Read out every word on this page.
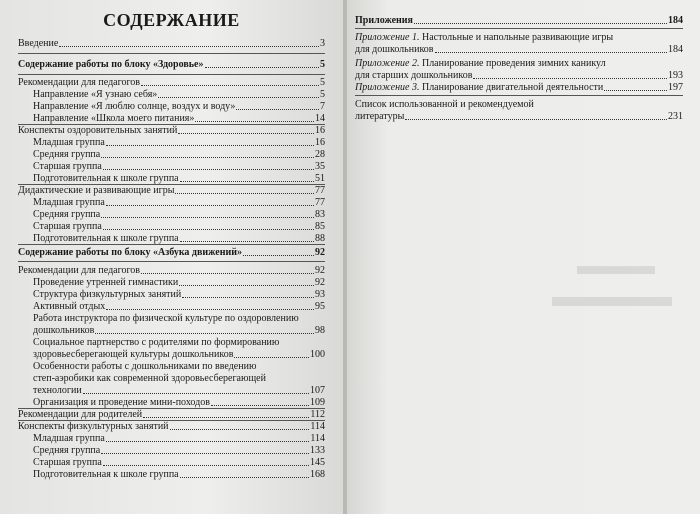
СОДЕРЖАНИЕ
Введение	3
Содержание работы по блоку «Здоровье»	5
Рекомендации для педагогов	5
Направление «Я узнаю себя»	5
Направление «Я люблю солнце, воздух и воду»	7
Направление «Школа моего питания»	14
Конспекты оздоровительных занятий	16
Младшая группа	16
Средняя группа	28
Старшая группа	35
Подготовительная к школе группа	51
Дидактические и развивающие игры	77
Младшая группа	77
Средняя группа	83
Старшая группа	85
Подготовительная к школе группа	88
Содержание работы по блоку «Азбука движений»	92
Рекомендации для педагогов	92
Проведение утренней гимнастики	92
Структура физкультурных занятий	93
Активный отдых	95
Работа инструктора по физической культуре по оздоровлению
дошкольников	98
Социальное партнерство с родителями по формированию
здоровьесберегающей культуры дошкольников	100
Особенности работы с дошкольниками по введению
степ-аэробики как современной здоровьесберегающей
технологии	107
Организация и проведение мини-походов	109
Рекомендации для родителей	112
Конспекты физкультурных занятий	114
Младшая группа	114
Средняя группа	133
Старшая группа	145
Подготовительная к школе группа	168
Приложения	184
Приложение 1. Настольные и напольные развивающие игры
для дошкольников	184
Приложение 2. Планирование проведения зимних каникул
для старших дошкольников	193
Приложение 3. Планирование двигательной деятельности	197
Список использованной и рекомендуемой
литературы	231
▬▬▬
▬▬▬▬
